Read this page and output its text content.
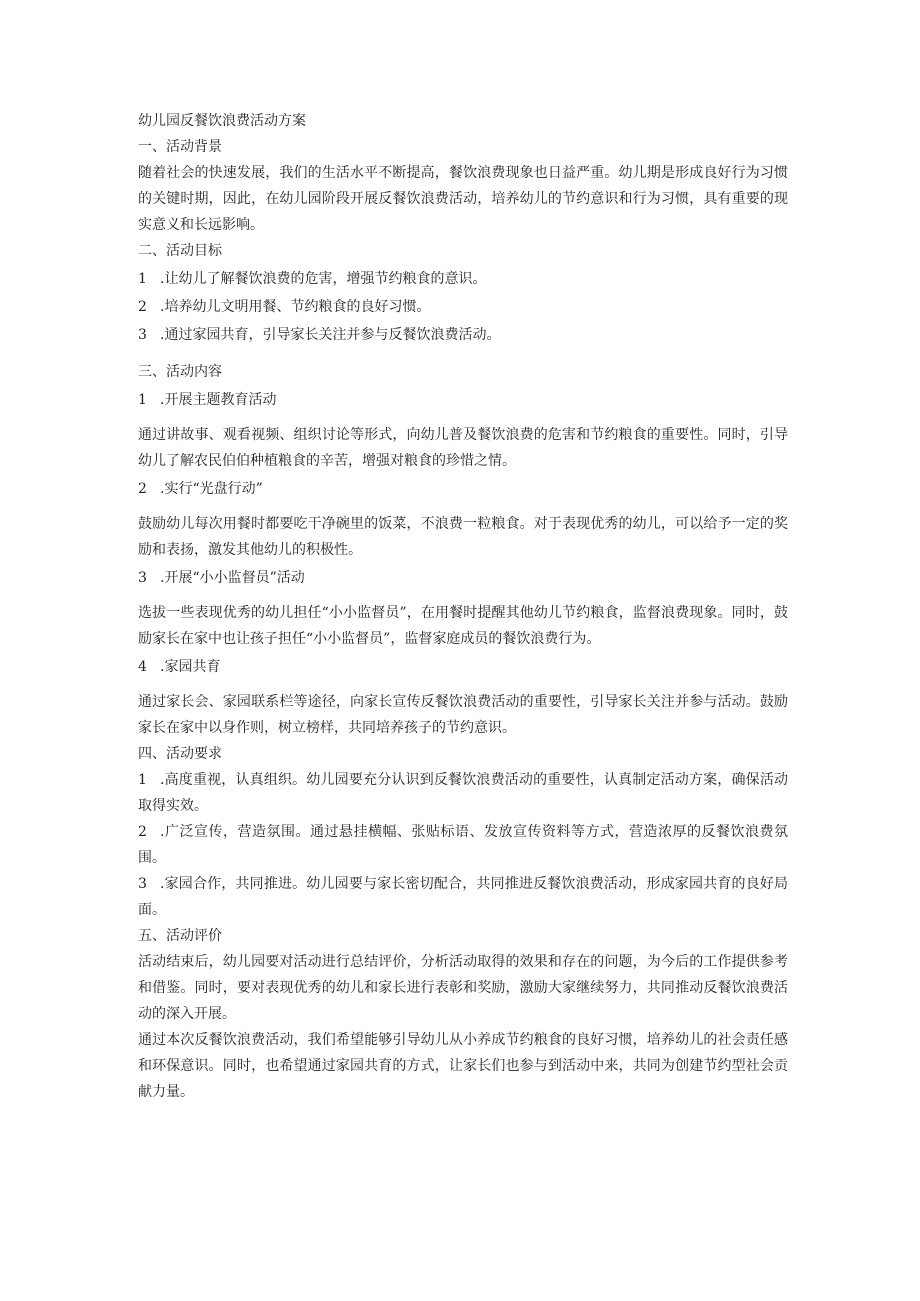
幼儿园反餐饮浪费活动方案

一、活动背景

随着社会的快速发展，我们的生活水平不断提高，餐饮浪费现象也日益严重。幼儿期是形成良好行为习惯的关键时期，因此，在幼儿园阶段开展反餐饮浪费活动，培养幼儿的节约意识和行为习惯，具有重要的现实意义和长远影响。

二、活动目标

1 .让幼儿了解餐饮浪费的危害，增强节约粮食的意识。

2 .培养幼儿文明用餐、节约粮食的良好习惯。

3 .通过家园共育，引导家长关注并参与反餐饮浪费活动。

三、活动内容

1 .开展主题教育活动

通过讲故事、观看视频、组织讨论等形式，向幼儿普及餐饮浪费的危害和节约粮食的重要性。同时，引导幼儿了解农民伯伯种植粮食的辛苦，增强对粮食的珍惜之情。

2 .实行“光盘行动”

鼓励幼儿每次用餐时都要吃干净碗里的饭菜，不浪费一粒粮食。对于表现优秀的幼儿，可以给予一定的奖励和表扬，激发其他幼儿的积极性。

3 .开展“小小监督员”活动

选拔一些表现优秀的幼儿担任“小小监督员”，在用餐时提醒其他幼儿节约粮食，监督浪费现象。同时，鼓励家长在家中也让孩子担任“小小监督员”，监督家庭成员的餐饮浪费行为。

4 .家园共育

通过家长会、家园联系栏等途径，向家长宣传反餐饮浪费活动的重要性，引导家长关注并参与活动。鼓励家长在家中以身作则，树立榜样，共同培养孩子的节约意识。

四、活动要求

1 .高度重视，认真组织。幼儿园要充分认识到反餐饮浪费活动的重要性，认真制定活动方案，确保活动取得实效。

2 .广泛宣传，营造氛围。通过悬挂横幅、张贴标语、发放宣传资料等方式，营造浓厚的反餐饮浪费氛围。

3 .家园合作，共同推进。幼儿园要与家长密切配合，共同推进反餐饮浪费活动，形成家园共育的良好局面。

五、活动评价

活动结束后，幼儿园要对活动进行总结评价，分析活动取得的效果和存在的问题，为今后的工作提供参考和借鉴。同时，要对表现优秀的幼儿和家长进行表彰和奖励，激励大家继续努力，共同推动反餐饮浪费活动的深入开展。

通过本次反餐饮浪费活动，我们希望能够引导幼儿从小养成节约粮食的良好习惯，培养幼儿的社会责任感和环保意识。同时，也希望通过家园共育的方式，让家长们也参与到活动中来，共同为创建节约型社会贡献力量。
